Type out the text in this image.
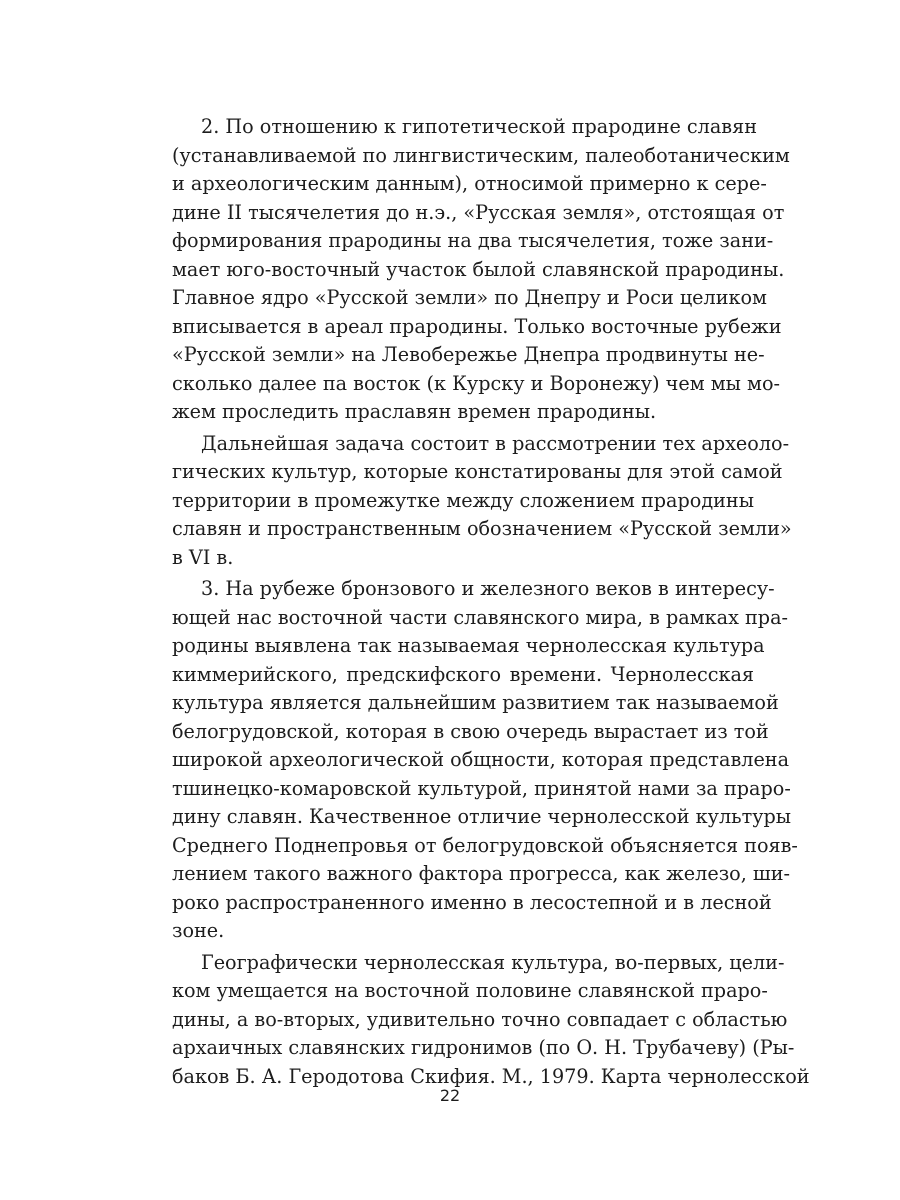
2. По отношению к гипотетической прародине славян
(устанавливаемой по лингвистическим, палеоботаническим
и археологическим данным), относимой примерно к сере-
дине II тысячелетия до н.э., «Русская земля», отстоящая от
формирования прародины на два тысячелетия, тоже зани-
мает юго-восточный участок былой славянской прародины.
Главное ядро «Русской земли» по Днепру и Роси целиком
вписывается в ареал прародины. Только восточные рубежи
«Русской земли» на Левобережье Днепра продвинуты не-
сколько далее па восток (к Курску и Воронежу) чем мы мо-
жем проследить праславян времен прародины.
Дальнейшая задача состоит в рассмотрении тех археоло-
гических культур, которые констатированы для этой самой
территории в промежутке между сложением прародины
славян и пространственным обозначением «Русской земли»
в VI в.
3. На рубеже бронзового и железного веков в интересу-
ющей нас восточной части славянского мира, в рамках пра-
родины выявлена так называемая чернолесская культура
киммерийского, предскифского времени. Чернолесская
культура является дальнейшим развитием так называемой
белогрудовской, которая в свою очередь вырастает из той
широкой археологической общности, которая представлена
тшинецко-комаровской культурой, принятой нами за прaро-
дину славян. Качественное отличие чернолесской культуры
Среднего Поднепровья от белогрудовской объясняется появ-
лением такого важного фактора прогресса, как железо, ши-
роко распространенного именно в лесостепной и в лесной
зоне.
Географически чернолесская культура, во-первых, цели-
ком умещается на восточной половине славянской праро-
дины, а во-вторых, удивительно точно совпадает с областью
архаичных славянских гидронимов (по О. Н. Трубачеву) (Ры-
баков Б. А. Геродотова Скифия. М., 1979. Карта чернолесской
22
